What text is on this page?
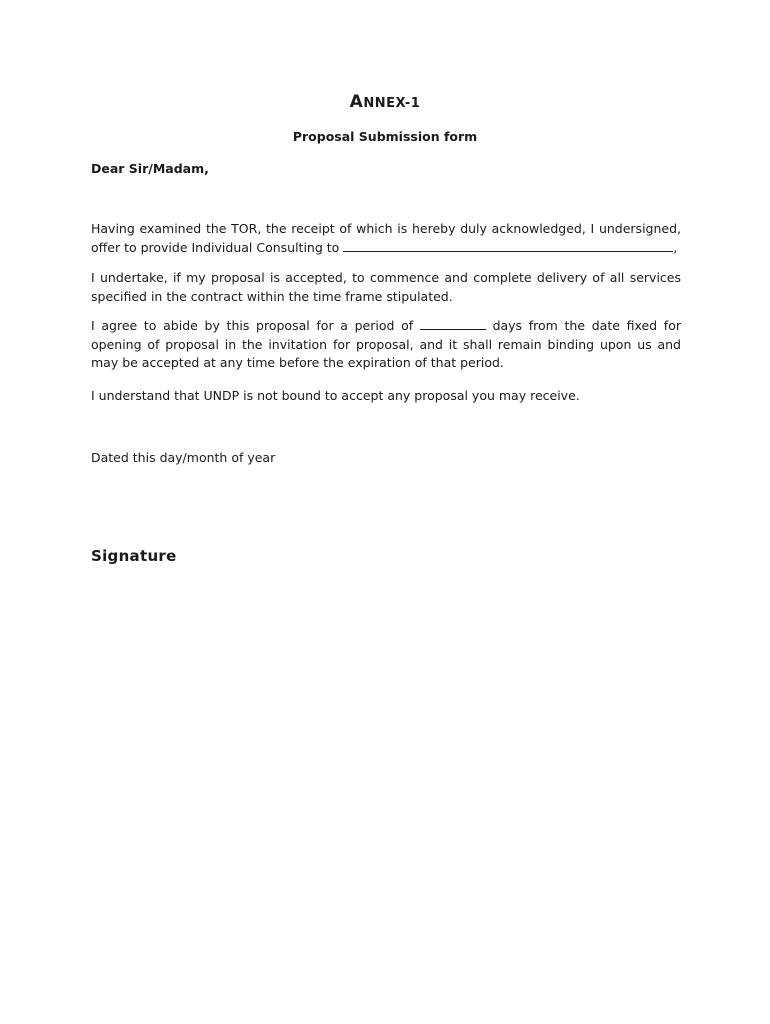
ANNEX-1
Proposal Submission form
Dear Sir/Madam,
Having examined the TOR, the receipt of which is hereby duly acknowledged, I undersigned, offer to provide Individual Consulting to	,
I undertake, if my proposal is accepted, to commence and complete delivery of all services specified in the contract within the time frame stipulated.
I agree to abide by this proposal for a period of	days from the date fixed for opening of proposal in the invitation for proposal, and it shall remain binding upon us and may be accepted at any time before the expiration of that period.
I understand that UNDP is not bound to accept any proposal you may receive.
Dated this day/month of year
Signature
